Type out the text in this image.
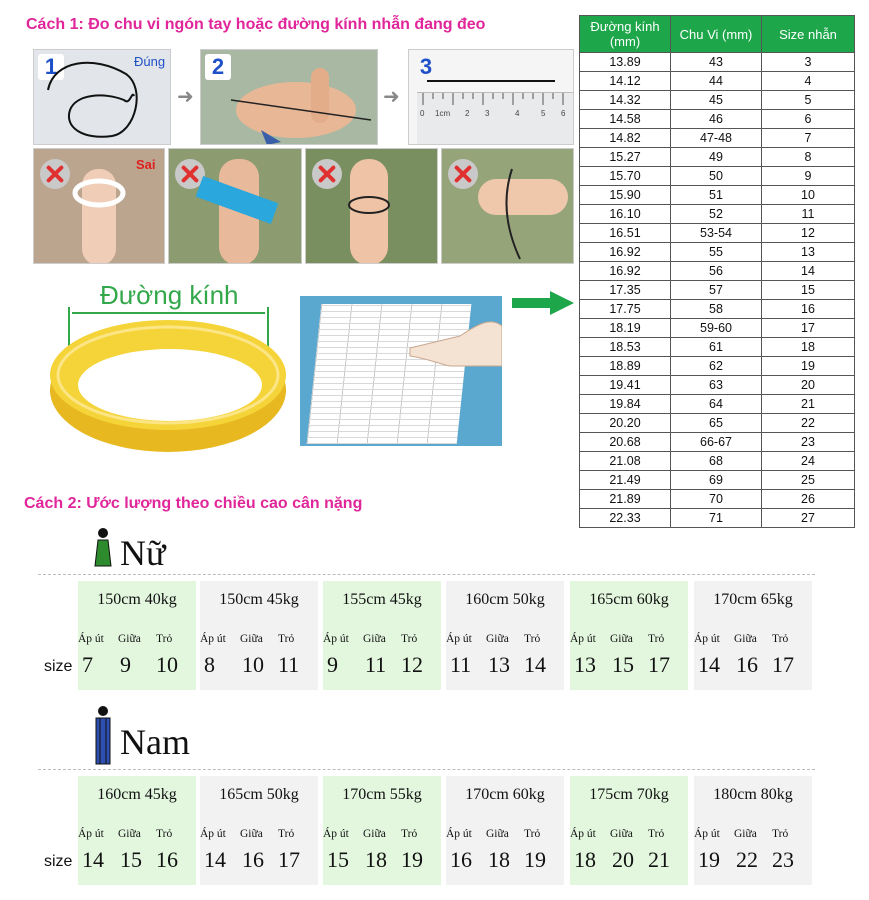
Cách 1: Đo chu vi ngón tay hoặc đường kính nhẫn đang đeo
1	Đúng
➜
2
➜
3
0 1cm 2 3	4	5 6
Sai
Đường kính
Đường kính (mm)	Chu Vi (mm)	Size nhẫn
13.89	43	3
14.12	44	4
14.32	45	5
14.58	46	6
14.82	47-48	7
15.27	49	8
15.70	50	9
15.90	51	10
16.10	52	11
16.51	53-54	12
16.92	55	13
16.92	56	14
17.35	57	15
17.75	58	16
18.19	59-60	17
18.53	61	18
18.89	62	19
19.41	63	20
19.84	64	21
20.20	65	22
20.68	66-67	23
21.08	68	24
21.49	69	25
21.89	70	26
22.33	71	27
Cách 2: Ước lượng theo chiều cao cân nặng
Nữ
size
150cm 40kg
Áp út
7
Giữa
9
Trỏ
10
150cm 45kg
Áp út
8
Giữa
10
Trỏ
11
155cm 45kg
Áp út
9
Giữa
11
Trỏ
12
160cm 50kg
Áp út
11
Giữa
13
Trỏ
14
165cm 60kg
Áp út
13
Giữa
15
Trỏ
17
170cm 65kg
Áp út
14
Giữa
16
Trỏ
17
Nam
size
160cm 45kg
Áp út
14
Giữa
15
Trỏ
16
165cm 50kg
Áp út
14
Giữa
16
Trỏ
17
170cm 55kg
Áp út
15
Giữa
18
Trỏ
19
170cm 60kg
Áp út
16
Giữa
18
Trỏ
19
175cm 70kg
Áp út
18
Giữa
20
Trỏ
21
180cm 80kg
Áp út
19
Giữa
22
Trỏ
23
